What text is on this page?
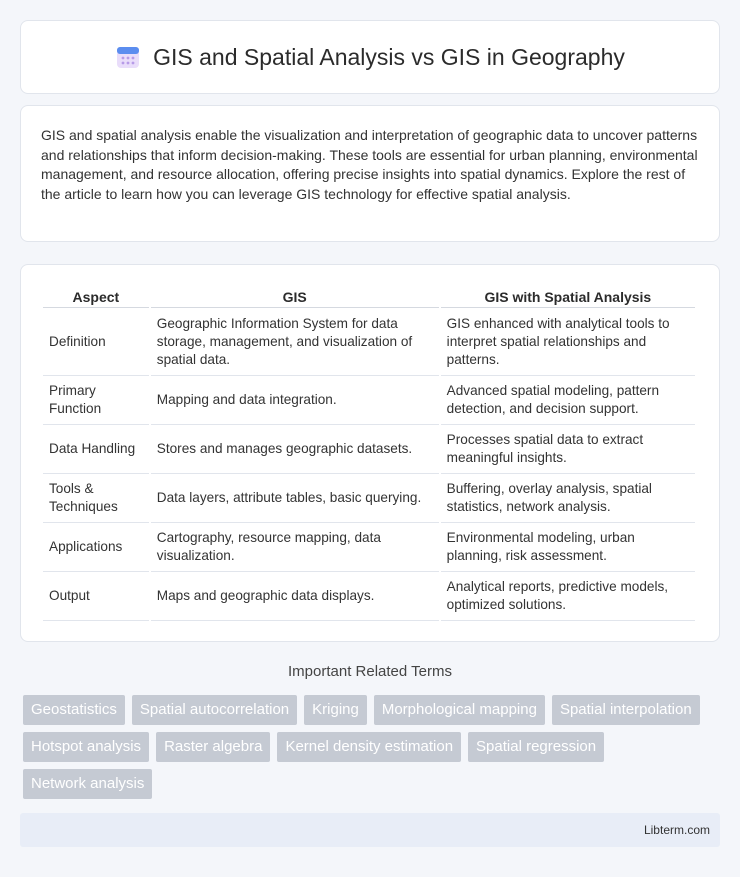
GIS and Spatial Analysis vs GIS in Geography

GIS and spatial analysis enable the visualization and interpretation of geographic data to uncover patterns and relationships that inform decision-making. These tools are essential for urban planning, environmental management, and resource allocation, offering precise insights into spatial dynamics. Explore the rest of the article to learn how you can leverage GIS technology for effective spatial analysis.

Aspect	GIS	GIS with Spatial Analysis
Definition	Geographic Information System for data storage, management, and visualization of spatial data.	GIS enhanced with analytical tools to interpret spatial relationships and patterns.
Primary Function	Mapping and data integration.	Advanced spatial modeling, pattern detection, and decision support.
Data Handling	Stores and manages geographic datasets.	Processes spatial data to extract meaningful insights.
Tools & Techniques	Data layers, attribute tables, basic querying.	Buffering, overlay analysis, spatial statistics, network analysis.
Applications	Cartography, resource mapping, data visualization.	Environmental modeling, urban planning, risk assessment.
Output	Maps and geographic data displays.	Analytical reports, predictive models, optimized solutions.
Important Related Terms
Geostatistics	Spatial autocorrelation	Kriging	Morphological mapping	Spatial interpolation
Hotspot analysis	Raster algebra	Kernel density estimation	Spatial regression
Network analysis
Libterm.com
